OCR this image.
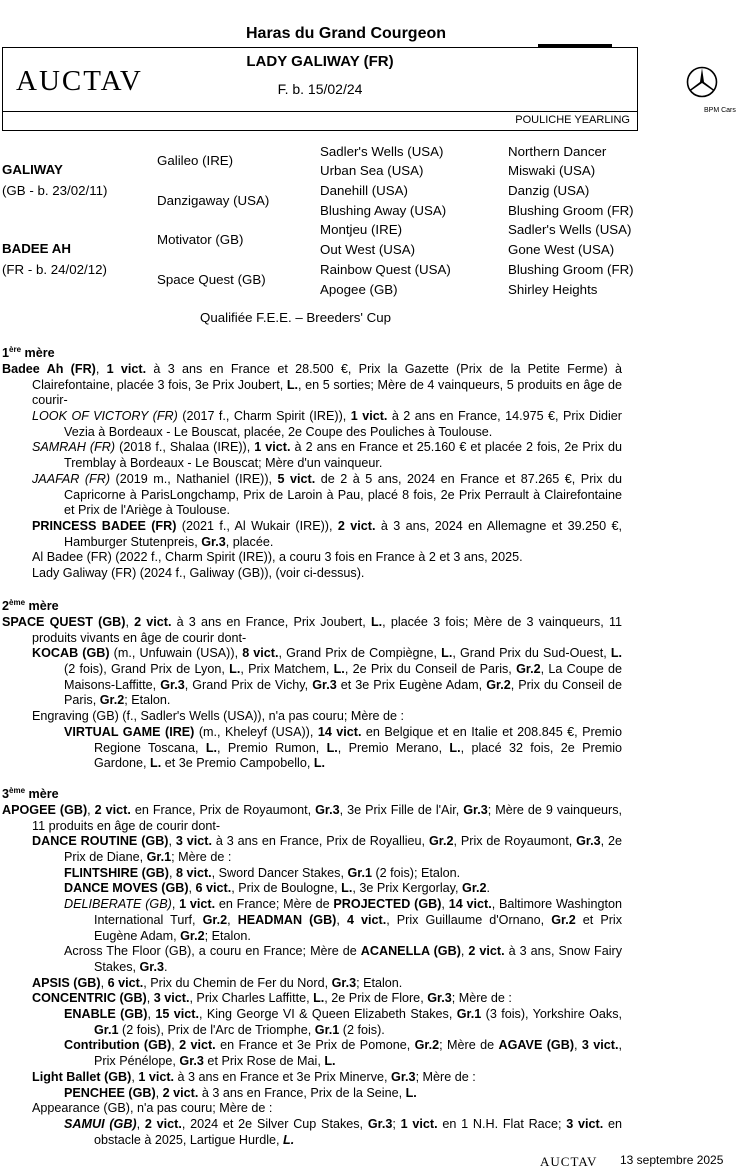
Haras du Grand Courgeon
AUCTAV
LADY GALIWAY (FR)
F. b. 15/02/24
POULICHE YEARLING
BPM Cars
GALIWAY
(GB - b. 23/02/11)
BADEE AH
(FR - b. 24/02/12)
Galileo (IRE)
Danzigaway (USA)
Motivator (GB)
Space Quest (GB)
Sadler's Wells (USA)
Urban Sea (USA)
Danehill (USA)
Blushing Away (USA)
Montjeu (IRE)
Out West (USA)
Rainbow Quest (USA)
Apogee (GB)
Northern Dancer
Miswaki (USA)
Danzig (USA)
Blushing Groom (FR)
Sadler's Wells (USA)
Gone West (USA)
Blushing Groom (FR)
Shirley Heights
Qualifiée F.E.E. – Breeders' Cup
1ère mère

Badee Ah (FR), 1 vict. à 3 ans en France et 28.500 €, Prix la Gazette (Prix de la Petite Ferme) à Clairefontaine, placée 3 fois, 3e Prix Joubert, L., en 5 sorties; Mère de 4 vainqueurs, 5 produits en âge de courir-

LOOK OF VICTORY (FR) (2017 f., Charm Spirit (IRE)), 1 vict. à 2 ans en France, 14.975 €, Prix Didier Vezia à Bordeaux - Le Bouscat, placée, 2e Coupe des Pouliches à Toulouse.

SAMRAH (FR) (2018 f., Shalaa (IRE)), 1 vict. à 2 ans en France et 25.160 € et placée 2 fois, 2e Prix du Tremblay à Bordeaux - Le Bouscat; Mère d'un vainqueur.

JAAFAR (FR) (2019 m., Nathaniel (IRE)), 5 vict. de 2 à 5 ans, 2024 en France et 87.265 €, Prix du Capricorne à ParisLongchamp, Prix de Laroin à Pau, placé 8 fois, 2e Prix Perrault à Clairefontaine et Prix de l'Ariège à Toulouse.

PRINCESS BADEE (FR) (2021 f., Al Wukair (IRE)), 2 vict. à 3 ans, 2024 en Allemagne et 39.250 €, Hamburger Stutenpreis, Gr.3, placée.

Al Badee (FR) (2022 f., Charm Spirit (IRE)), a couru 3 fois en France à 2 et 3 ans, 2025.

Lady Galiway (FR) (2024 f., Galiway (GB)), (voir ci-dessus).

2ème mère

SPACE QUEST (GB), 2 vict. à 3 ans en France, Prix Joubert, L., placée 3 fois; Mère de 3 vainqueurs, 11 produits vivants en âge de courir dont-

KOCAB (GB) (m., Unfuwain (USA)), 8 vict., Grand Prix de Compiègne, L., Grand Prix du Sud-Ouest, L. (2 fois), Grand Prix de Lyon, L., Prix Matchem, L., 2e Prix du Conseil de Paris, Gr.2, La Coupe de Maisons-Laffitte, Gr.3, Grand Prix de Vichy, Gr.3 et 3e Prix Eugène Adam, Gr.2, Prix du Conseil de Paris, Gr.2; Etalon.

Engraving (GB) (f., Sadler's Wells (USA)), n'a pas couru; Mère de :

VIRTUAL GAME (IRE) (m., Kheleyf (USA)), 14 vict. en Belgique et en Italie et 208.845 €, Premio Regione Toscana, L., Premio Rumon, L., Premio Merano, L., placé 32 fois, 2e Premio Gardone, L. et 3e Premio Campobello, L.

3ème mère

APOGEE (GB), 2 vict. en France, Prix de Royaumont, Gr.3, 3e Prix Fille de l'Air, Gr.3; Mère de 9 vainqueurs, 11 produits en âge de courir dont-

DANCE ROUTINE (GB), 3 vict. à 3 ans en France, Prix de Royallieu, Gr.2, Prix de Royaumont, Gr.3, 2e Prix de Diane, Gr.1; Mère de :

FLINTSHIRE (GB), 8 vict., Sword Dancer Stakes, Gr.1 (2 fois); Etalon.

DANCE MOVES (GB), 6 vict., Prix de Boulogne, L., 3e Prix Kergorlay, Gr.2.

DELIBERATE (GB), 1 vict. en France; Mère de PROJECTED (GB), 14 vict., Baltimore Washington International Turf, Gr.2, HEADMAN (GB), 4 vict., Prix Guillaume d'Ornano, Gr.2 et Prix Eugène Adam, Gr.2; Etalon.

Across The Floor (GB), a couru en France; Mère de ACANELLA (GB), 2 vict. à 3 ans, Snow Fairy Stakes, Gr.3.

APSIS (GB), 6 vict., Prix du Chemin de Fer du Nord, Gr.3; Etalon.

CONCENTRIC (GB), 3 vict., Prix Charles Laffitte, L., 2e Prix de Flore, Gr.3; Mère de :

ENABLE (GB), 15 vict., King George VI & Queen Elizabeth Stakes, Gr.1 (3 fois), Yorkshire Oaks, Gr.1 (2 fois), Prix de l'Arc de Triomphe, Gr.1 (2 fois).

Contribution (GB), 2 vict. en France et 3e Prix de Pomone, Gr.2; Mère de AGAVE (GB), 3 vict., Prix Pénélope, Gr.3 et Prix Rose de Mai, L.

Light Ballet (GB), 1 vict. à 3 ans en France et 3e Prix Minerve, Gr.3; Mère de :

PENCHEE (GB), 2 vict. à 3 ans en France, Prix de la Seine, L.

Appearance (GB), n'a pas couru; Mère de :

SAMUI (GB), 2 vict., 2024 et 2e Silver Cup Stakes, Gr.3; 1 vict. en 1 N.H. Flat Race; 3 vict. en obstacle à 2025, Lartigue Hurdle, L.

AUCTAV 13 septembre 2025
